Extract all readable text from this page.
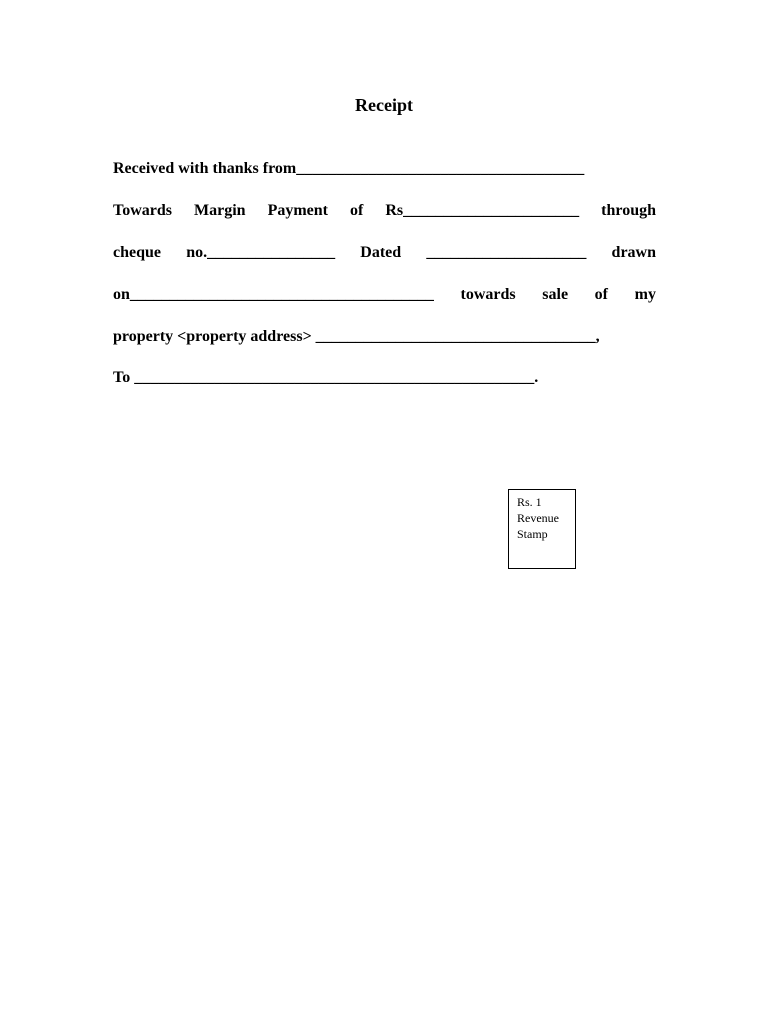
Receipt
Received with thanks from____________________________________
Towards Margin Payment of Rs______________________ through
cheque no.________________ Dated ____________________ drawn
on______________________________________ towards sale of my
property <property address> ___________________________________,
To __________________________________________________.
Rs. 1
Revenue
Stamp
